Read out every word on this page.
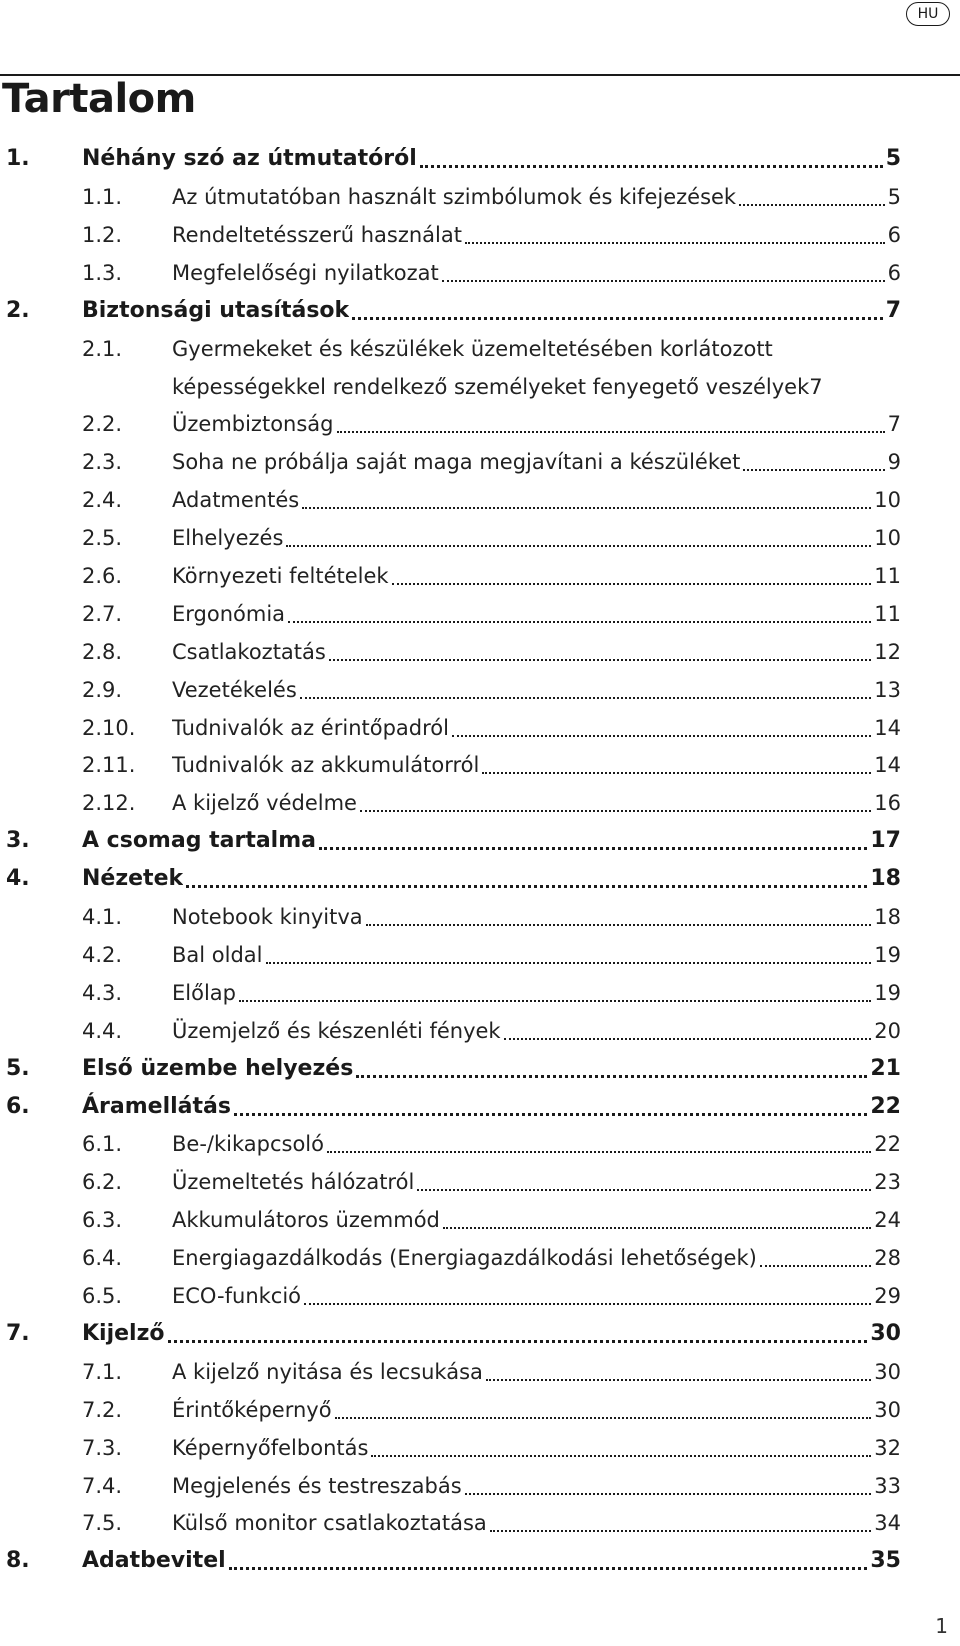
HU
Tartalom
1.	Néhány szó az útmutatóról	5
1.1.	Az útmutatóban használt szimbólumok és kifejezések	5
1.2.	Rendeltetésszerű használat	6
1.3.	Megfelelőségi nyilatkozat	6
2.	Biztonsági utasítások	7
2.1.	Gyermekeket és készülékek üzemeltetésében korlátozott
képességekkel rendelkező személyeket fenyegető veszélyek 7
2.2.	Üzembiztonság	7
2.3.	Soha ne próbálja saját maga megjavítani a készüléket	9
2.4.	Adatmentés	10
2.5.	Elhelyezés	10
2.6.	Környezeti feltételek	11
2.7.	Ergonómia	11
2.8.	Csatlakoztatás	12
2.9.	Vezetékelés	13
2.10.	Tudnivalók az érintőpadról	14
2.11.	Tudnivalók az akkumulátorról	14
2.12.	A kijelző védelme	16
3.	A csomag tartalma	17
4.	Nézetek	18
4.1.	Notebook kinyitva	18
4.2.	Bal oldal	19
4.3.	Előlap	19
4.4.	Üzemjelző és készenléti fények	20
5.	Első üzembe helyezés	21
6.	Áramellátás	22
6.1.	Be-/kikapcsoló	22
6.2.	Üzemeltetés hálózatról	23
6.3.	Akkumulátoros üzemmód	24
6.4.	Energiagazdálkodás (Energiagazdálkodási lehetőségek)	28
6.5.	ECO-funkció	29
7.	Kijelző	30
7.1.	A kijelző nyitása és lecsukása	30
7.2.	Érintőképernyő	30
7.3.	Képernyőfelbontás	32
7.4.	Megjelenés és testreszabás	33
7.5.	Külső monitor csatlakoztatása	34
8.	Adatbevitel	35
1
